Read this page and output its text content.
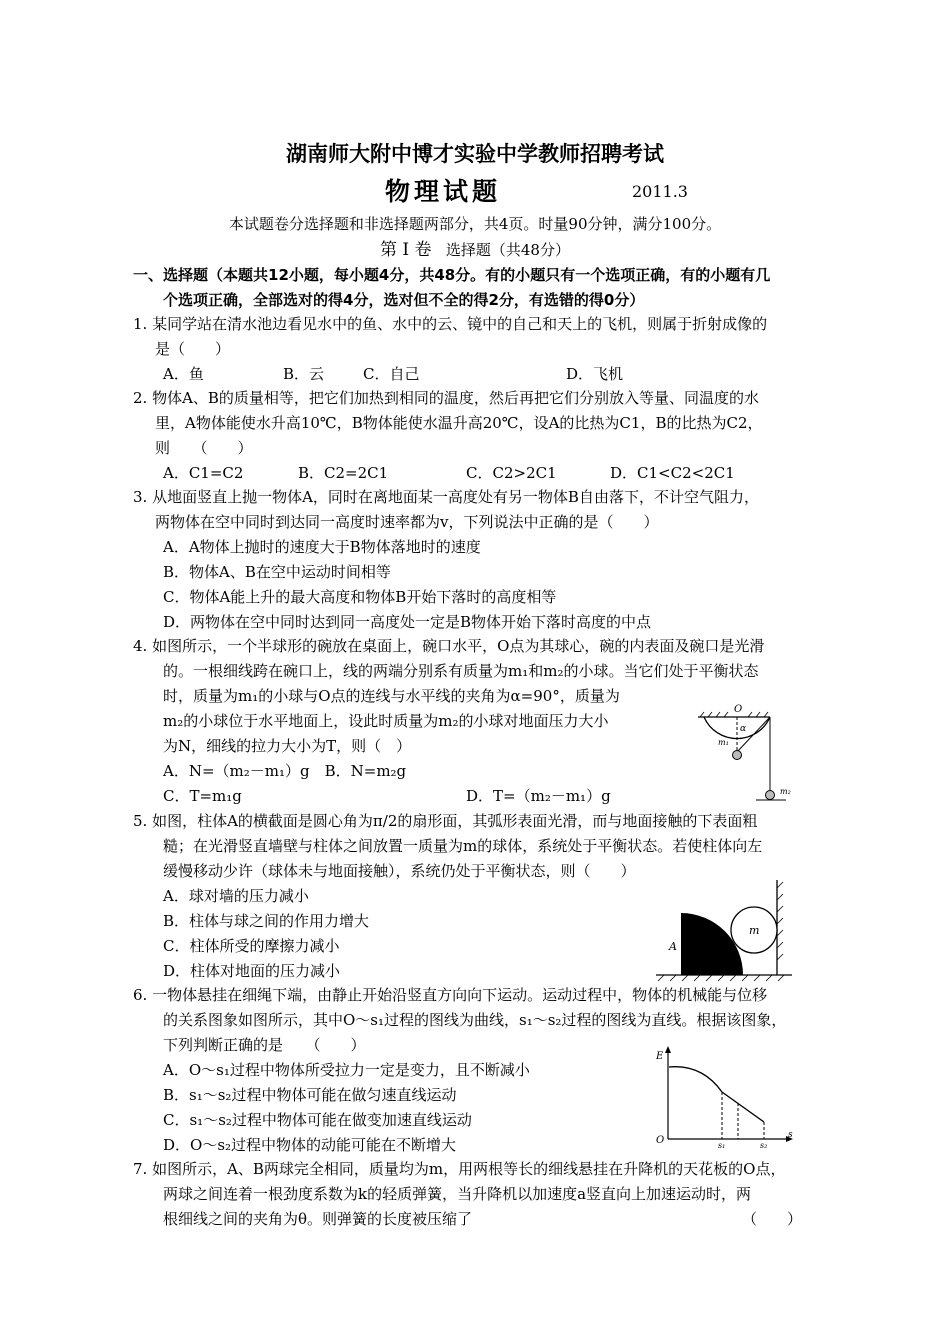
湖南师大附中博才实验中学教师招聘考试
物理试题	2011.3
本试题卷分选择题和非选择题两部分，共4页。时量90分钟，满分100分。
第 I 卷 选择题（共48分）
一、选择题（本题共12小题，每小题4分，共48分。有的小题只有一个选项正确，有的小题有几
个选项正确，全部选对的得4分，选对但不全的得2分，有选错的得0分）
1. 某同学站在清水池边看见水中的鱼、水中的云、镜中的自己和天上的飞机，则属于折射成像的
是（　　）
A．鱼	B．云	C．自己	D．飞机
2. 物体A、B的质量相等，把它们加热到相同的温度，然后再把它们分别放入等量、同温度的水
里，A物体能使水升高10℃，B物体能使水温升高20℃，设A的比热为C1，B的比热为C2，
则　　（　　）
A．C1=C2	B．C2=2C1	C．C2>2C1	D．C1<C2<2C1
3. 从地面竖直上抛一物体A，同时在离地面某一高度处有另一物体B自由落下，不计空气阻力，
两物体在空中同时到达同一高度时速率都为v，下列说法中正确的是（　　）
A．A物体上抛时的速度大于B物体落地时的速度
B．物体A、B在空中运动时间相等
C．物体A能上升的最大高度和物体B开始下落时的高度相等
D．两物体在空中同时达到同一高度处一定是B物体开始下落时高度的中点
4. 如图所示，一个半球形的碗放在桌面上，碗口水平，O点为其球心，碗的内表面及碗口是光滑
的。一根细线跨在碗口上，线的两端分别系有质量为m₁和m₂的小球。当它们处于平衡状态
时，质量为m₁的小球与O点的连线与水平线的夹角为α=90°，质量为
m₂的小球位于水平地面上，设此时质量为m₂的小球对地面压力大小
为N，细线的拉力大小为T，则（　）
A．N=（m₂－m₁）g　B．N=m₂g
C．T=m₁g	D．T=（m₂－m₁）g
O
α
m₁
m₂
5. 如图，柱体A的横截面是圆心角为π/2的扇形面，其弧形表面光滑，而与地面接触的下表面粗
糙；在光滑竖直墙壁与柱体之间放置一质量为m的球体，系统处于平衡状态。若使柱体向左
缓慢移动少许（球体未与地面接触），系统仍处于平衡状态，则（　　）
A．球对墙的压力减小
B．柱体与球之间的作用力增大
C．柱体所受的摩擦力减小
D．柱体对地面的压力减小
A
m
6. 一物体悬挂在细绳下端，由静止开始沿竖直方向向下运动。运动过程中，物体的机械能与位移
的关系图象如图所示，其中O～s₁过程的图线为曲线，s₁～s₂过程的图线为直线。根据该图象，
下列判断正确的是　　（　　）
A．O～s₁过程中物体所受拉力一定是变力，且不断减小
B．s₁～s₂过程中物体可能在做匀速直线运动
C．s₁～s₂过程中物体可能在做变加速直线运动
D．O～s₂过程中物体的动能可能在不断增大
E
O	s₁	s₂
s
7. 如图所示，A、B两球完全相同，质量均为m，用两根等长的细线悬挂在升降机的天花板的O点，
两球之间连着一根劲度系数为k的轻质弹簧，当升降机以加速度a竖直向上加速运动时，两
根细线之间的夹角为θ。则弹簧的长度被压缩了	（　　）
